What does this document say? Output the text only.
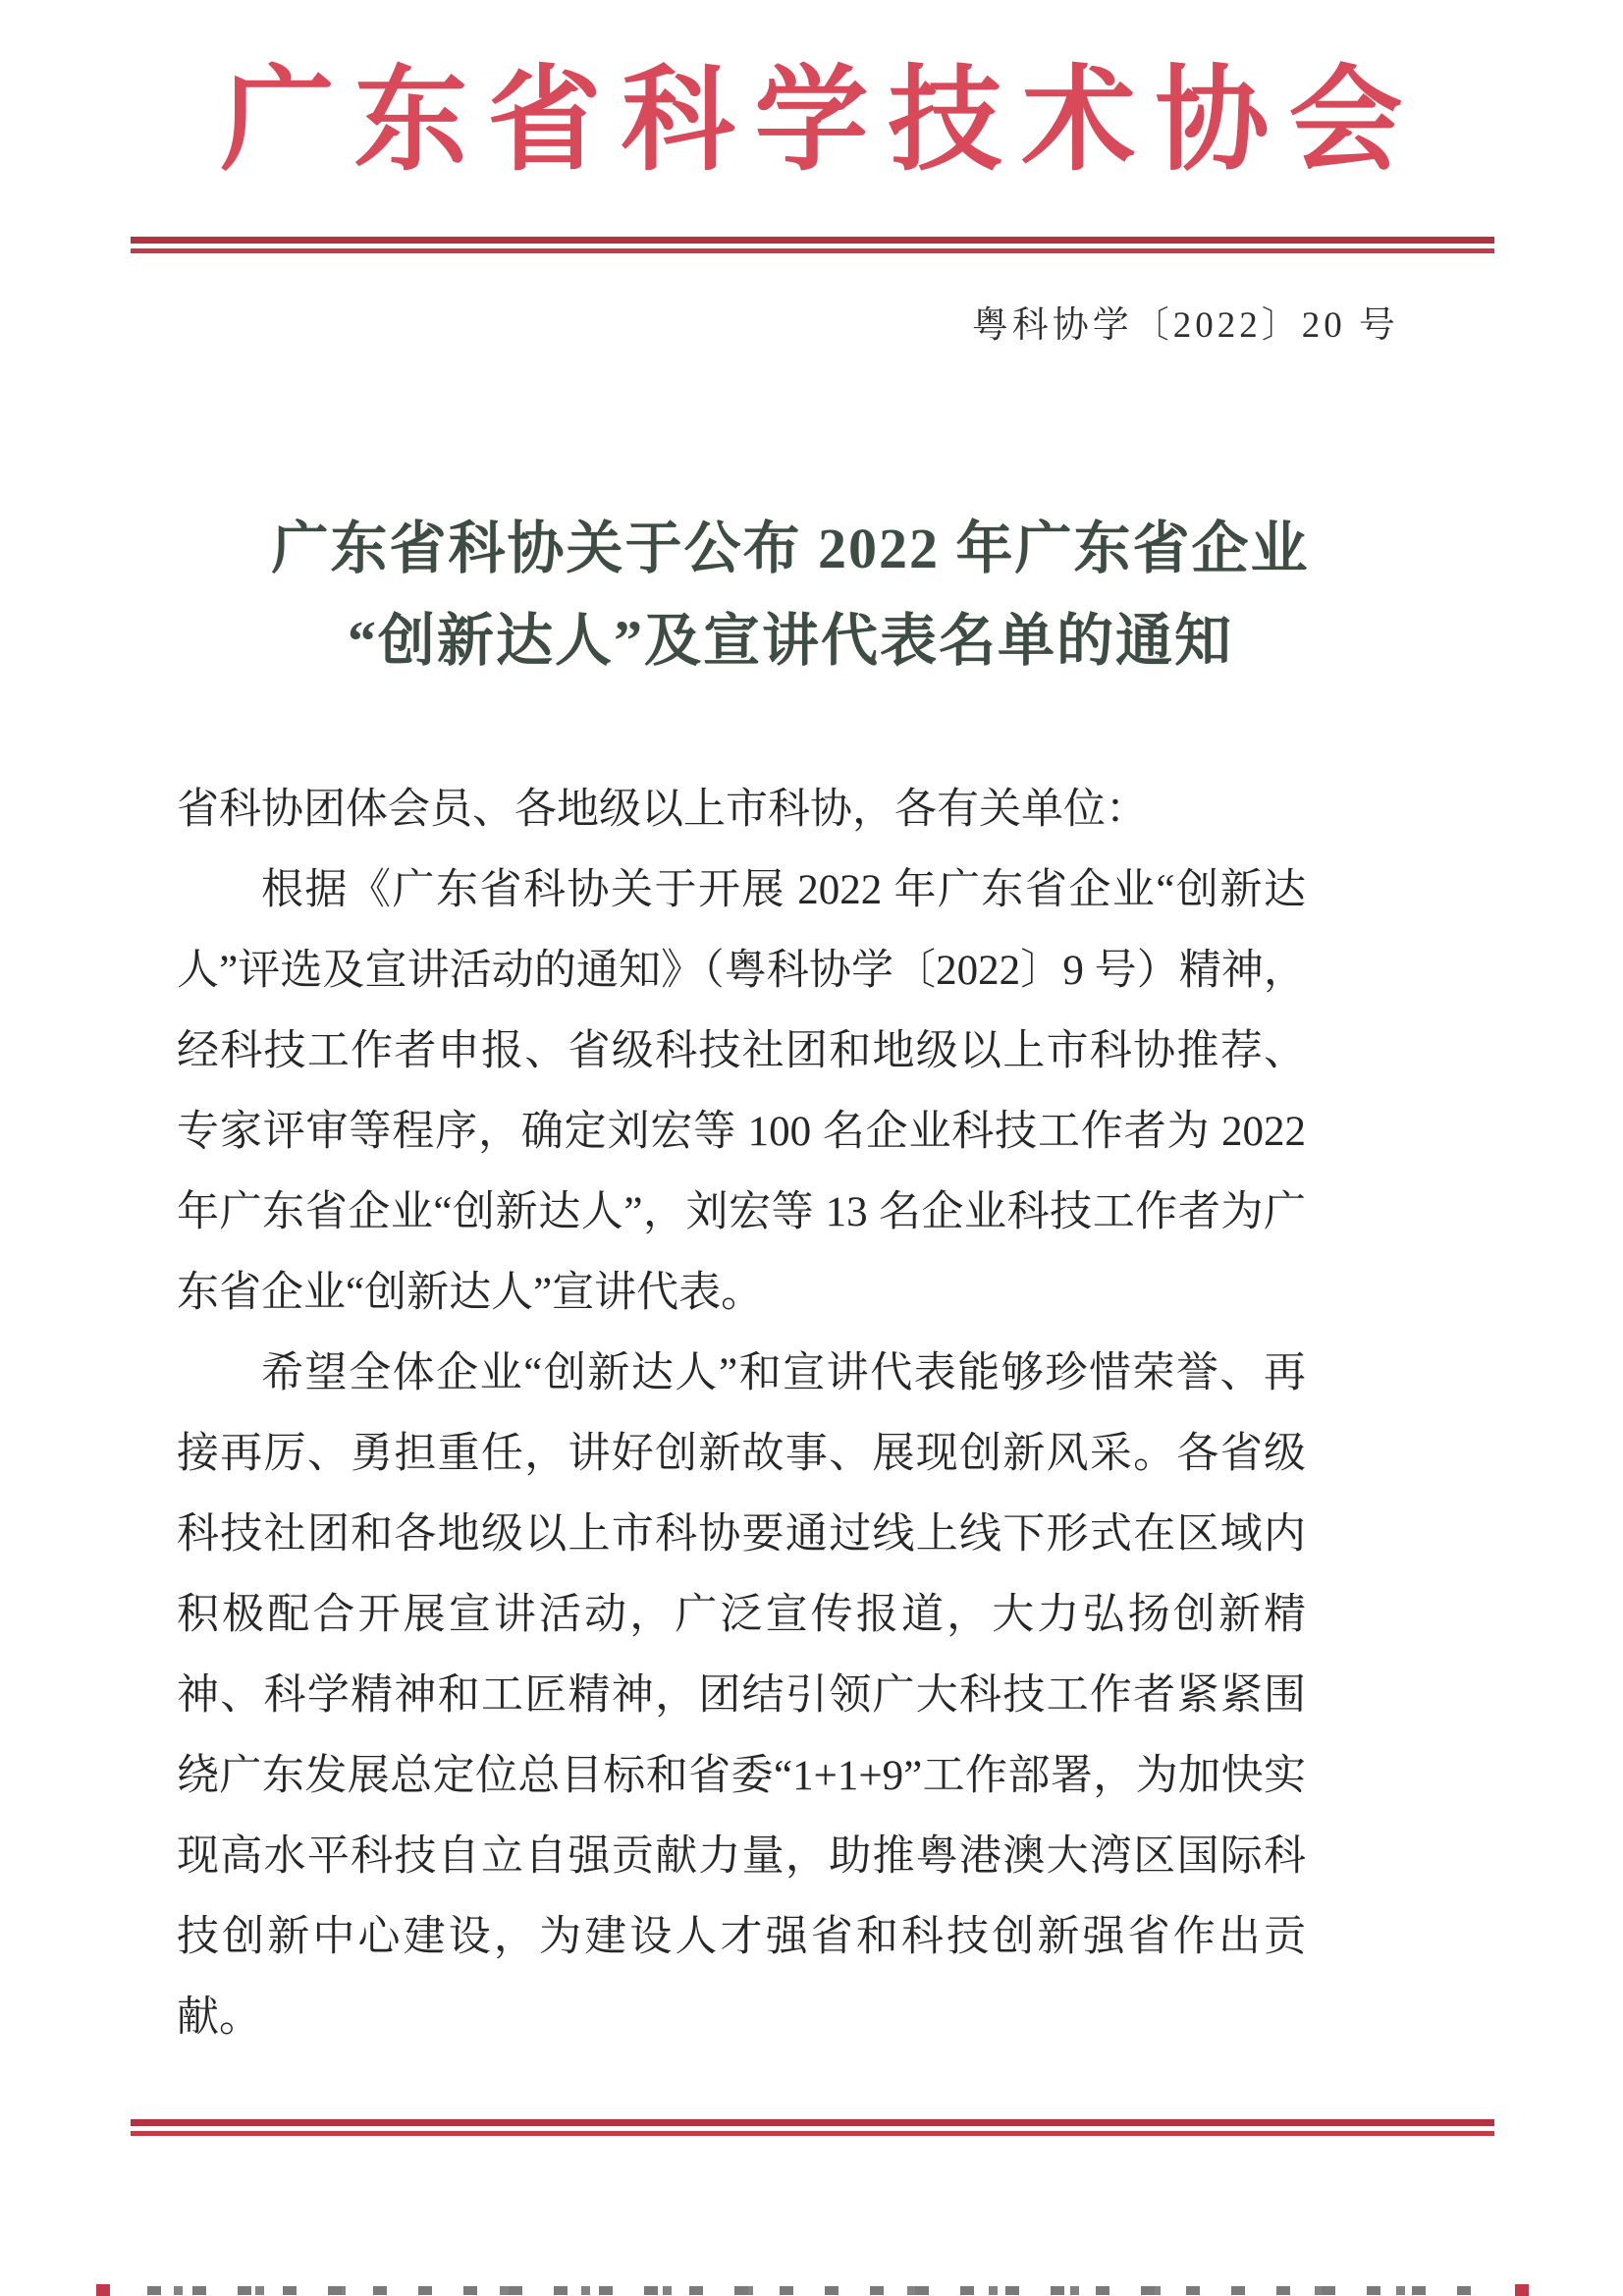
广东省科学技术协会
粤科协学〔2022〕20 号
广东省科协关于公布 2022 年广东省企业
“创新达人”及宣讲代表名单的通知

省科协团体会员、各地级以上市科协，各有关单位：

根据《广东省科协关于开展 2022 年广东省企业“创新达人”评选及宣讲活动的通知》（粤科协学〔2022〕9 号）精神，经科技工作者申报、省级科技社团和地级以上市科协推荐、专家评审等程序，确定刘宏等 100 名企业科技工作者为 2022 年广东省企业“创新达人”，刘宏等 13 名企业科技工作者为广东省企业“创新达人”宣讲代表。

希望全体企业“创新达人”和宣讲代表能够珍惜荣誉、再接再厉、勇担重任，讲好创新故事、展现创新风采。各省级科技社团和各地级以上市科协要通过线上线下形式在区域内积极配合开展宣讲活动，广泛宣传报道，大力弘扬创新精神、科学精神和工匠精神，团结引领广大科技工作者紧紧围绕广东发展总定位总目标和省委“1+1+9”工作部署，为加快实现高水平科技自立自强贡献力量，助推粤港澳大湾区国际科技创新中心建设，为建设人才强省和科技创新强省作出贡献。
